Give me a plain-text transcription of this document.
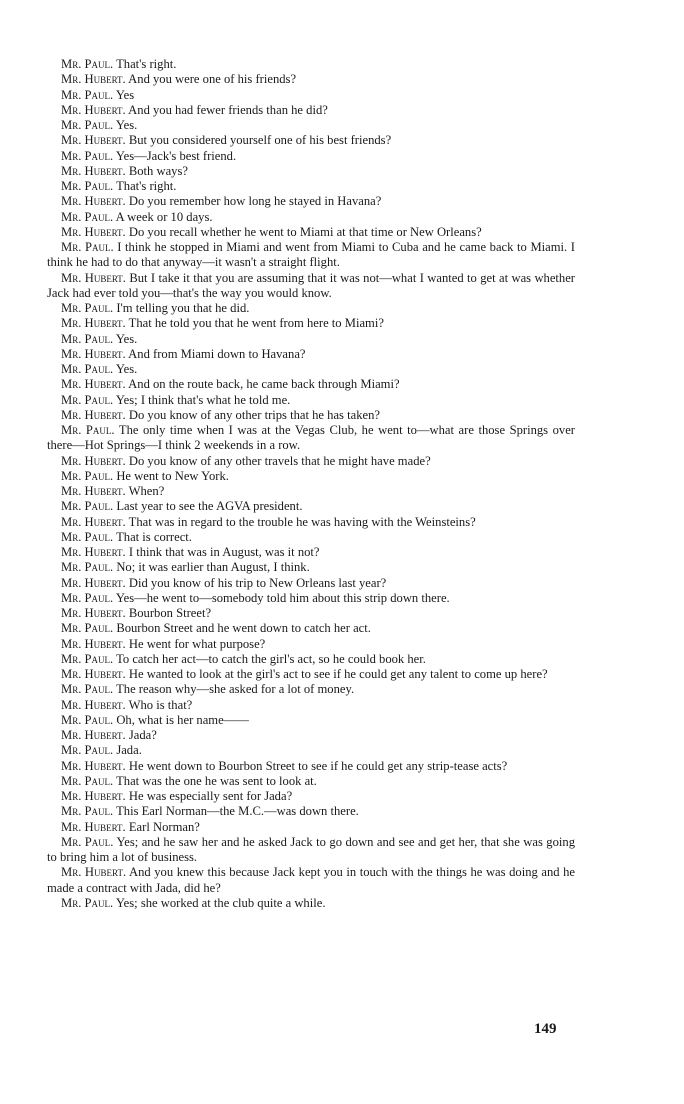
Mr. Paul. That's right.

Mr. Hubert. And you were one of his friends?

Mr. Paul. Yes

Mr. Hubert. And you had fewer friends than he did?

Mr. Paul. Yes.

Mr. Hubert. But you considered yourself one of his best friends?

Mr. Paul. Yes—Jack's best friend.

Mr. Hubert. Both ways?

Mr. Paul. That's right.

Mr. Hubert. Do you remember how long he stayed in Havana?

Mr. Paul. A week or 10 days.

Mr. Hubert. Do you recall whether he went to Miami at that time or New Orleans?

Mr. Paul. I think he stopped in Miami and went from Miami to Cuba and he came back to Miami. I think he had to do that anyway—it wasn't a straight flight.

Mr. Hubert. But I take it that you are assuming that it was not—what I wanted to get at was whether Jack had ever told you—that's the way you would know.

Mr. Paul. I'm telling you that he did.

Mr. Hubert. That he told you that he went from here to Miami?

Mr. Paul. Yes.

Mr. Hubert. And from Miami down to Havana?

Mr. Paul. Yes.

Mr. Hubert. And on the route back, he came back through Miami?

Mr. Paul. Yes; I think that's what he told me.

Mr. Hubert. Do you know of any other trips that he has taken?

Mr. Paul. The only time when I was at the Vegas Club, he went to—what are those Springs over there—Hot Springs—I think 2 weekends in a row.

Mr. Hubert. Do you know of any other travels that he might have made?

Mr. Paul. He went to New York.

Mr. Hubert. When?

Mr. Paul. Last year to see the AGVA president.

Mr. Hubert. That was in regard to the trouble he was having with the Weinsteins?

Mr. Paul. That is correct.

Mr. Hubert. I think that was in August, was it not?

Mr. Paul. No; it was earlier than August, I think.

Mr. Hubert. Did you know of his trip to New Orleans last year?

Mr. Paul. Yes—he went to—somebody told him about this strip down there.

Mr. Hubert. Bourbon Street?

Mr. Paul. Bourbon Street and he went down to catch her act.

Mr. Hubert. He went for what purpose?

Mr. Paul. To catch her act—to catch the girl's act, so he could book her.

Mr. Hubert. He wanted to look at the girl's act to see if he could get any talent to come up here?

Mr. Paul. The reason why—she asked for a lot of money.

Mr. Hubert. Who is that?

Mr. Paul. Oh, what is her name——

Mr. Hubert. Jada?

Mr. Paul. Jada.

Mr. Hubert. He went down to Bourbon Street to see if he could get any strip-tease acts?

Mr. Paul. That was the one he was sent to look at.

Mr. Hubert. He was especially sent for Jada?

Mr. Paul. This Earl Norman—the M.C.—was down there.

Mr. Hubert. Earl Norman?

Mr. Paul. Yes; and he saw her and he asked Jack to go down and see and get her, that she was going to bring him a lot of business.

Mr. Hubert. And you knew this because Jack kept you in touch with the things he was doing and he made a contract with Jada, did he?

Mr. Paul. Yes; she worked at the club quite a while.

149
